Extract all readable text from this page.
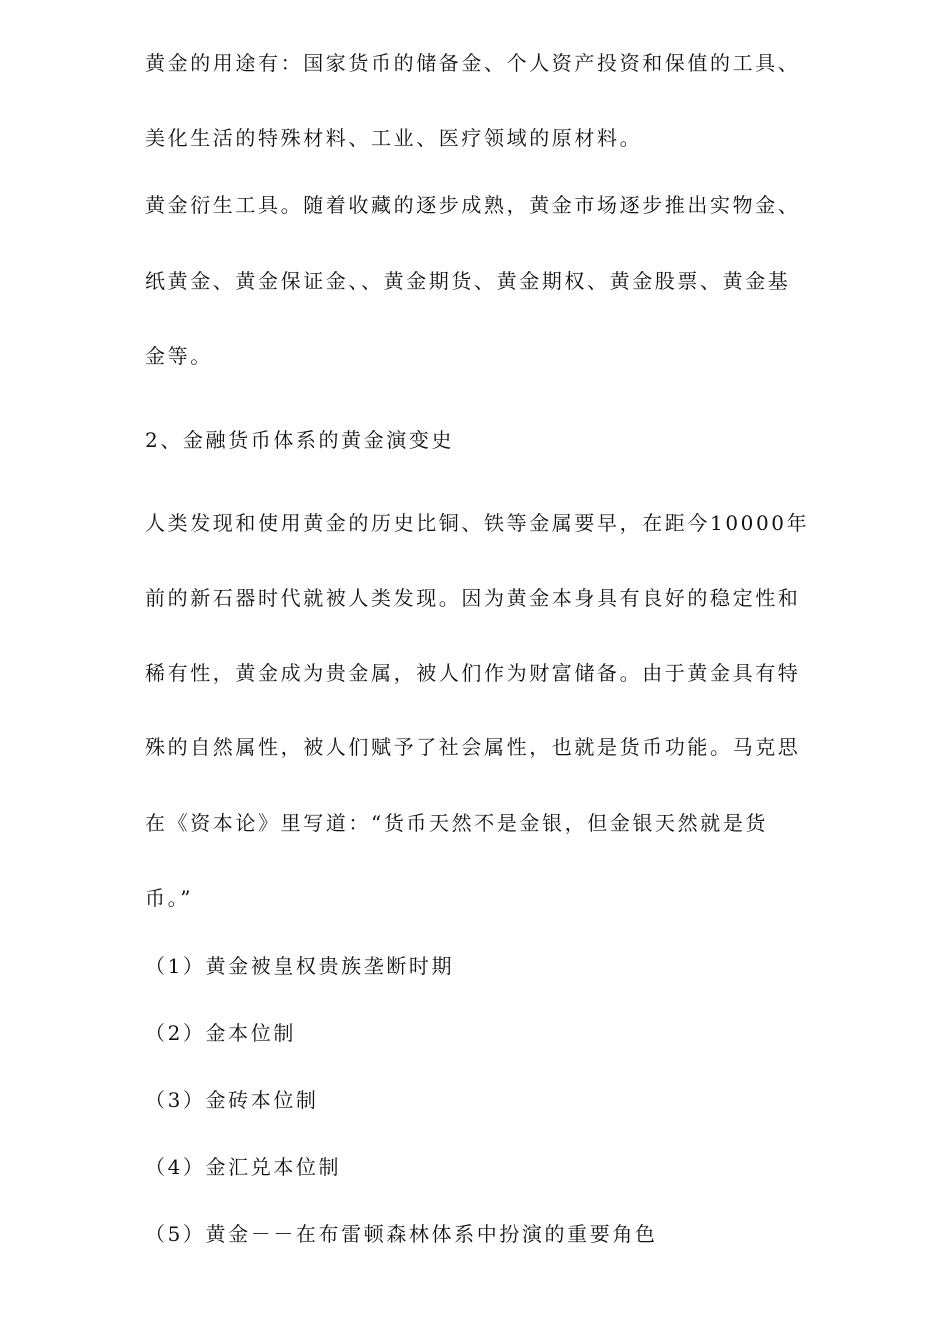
黄金的用途有：国家货币的储备金、个人资产投资和保值的工具、

美化生活的特殊材料、工业、医疗领域的原材料。

黄金衍生工具。随着收藏的逐步成熟，黄金市场逐步推出实物金、

纸黄金、黄金保证金、、黄金期货、黄金期权、黄金股票、黄金基

金等。

2、金融货币体系的黄金演变史

人类发现和使用黄金的历史比铜、铁等金属要早，在距今10000年

前的新石器时代就被人类发现。因为黄金本身具有良好的稳定性和

稀有性，黄金成为贵金属，被人们作为财富储备。由于黄金具有特

殊的自然属性，被人们赋予了社会属性，也就是货币功能。马克思

在《资本论》里写道：“货币天然不是金银，但金银天然就是货

币。”

（1）黄金被皇权贵族垄断时期

（2）金本位制

（3）金砖本位制

（4）金汇兑本位制

（5）黄金－－在布雷顿森林体系中扮演的重要角色
